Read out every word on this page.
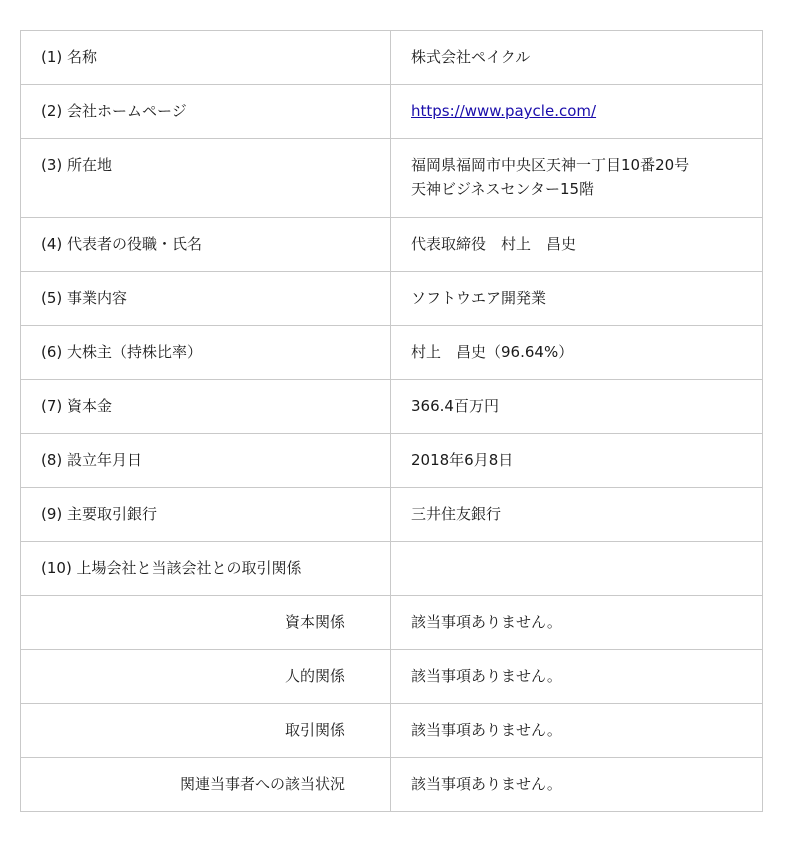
(1) 名称	株式会社ペイクル
(2) 会社ホームページ	https://www.paycle.com/
(3) 所在地	福岡県福岡市中央区天神一丁目10番20号
天神ビジネスセンター15階

(4) 代表者の役職・氏名	代表取締役　村上　昌史
(5) 事業内容	ソフトウエア開発業
(6) 大株主（持株比率）	村上　昌史（96.64%）
(7) 資本金	366.4百万円
(8) 設立年月日	2018年6月8日
(9) 主要取引銀行	三井住友銀行
(10) 上場会社と当該会社との取引関係	
資本関係	該当事項ありません。
人的関係	該当事項ありません。
取引関係	該当事項ありません。
関連当事者への該当状況	該当事項ありません。
